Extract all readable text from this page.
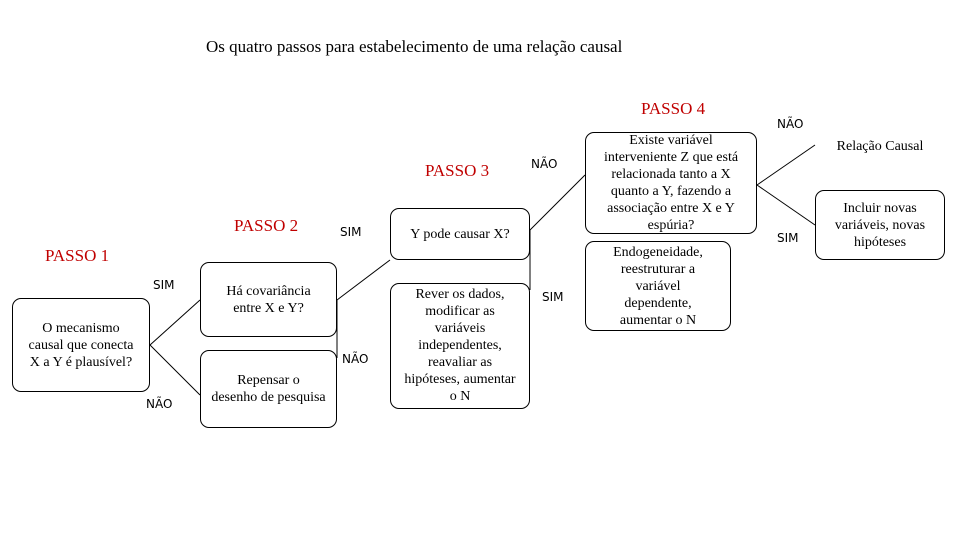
Os quatro passos para estabelecimento de uma relação causal
PASSO 1
PASSO 2
PASSO 3
PASSO 4
O mecanismo
causal que conecta
X a Y é plausível?
Há covariância
entre X e Y?
Repensar o
desenho de pesquisa
Y pode causar X?
Rever os dados,
modificar as
variáveis
independentes,
reavaliar as
hipóteses, aumentar
o N
Existe variável
interveniente Z que está
relacionada tanto a X
quanto a Y, fazendo a
associação entre X e Y
espúria?
Endogeneidade,
reestruturar a
variável
dependente,
aumentar o N
Relação Causal
Incluir novas
variáveis, novas
hipóteses
SIM
NÃO
SIM
NÃO
NÃO
SIM
NÃO
SIM
